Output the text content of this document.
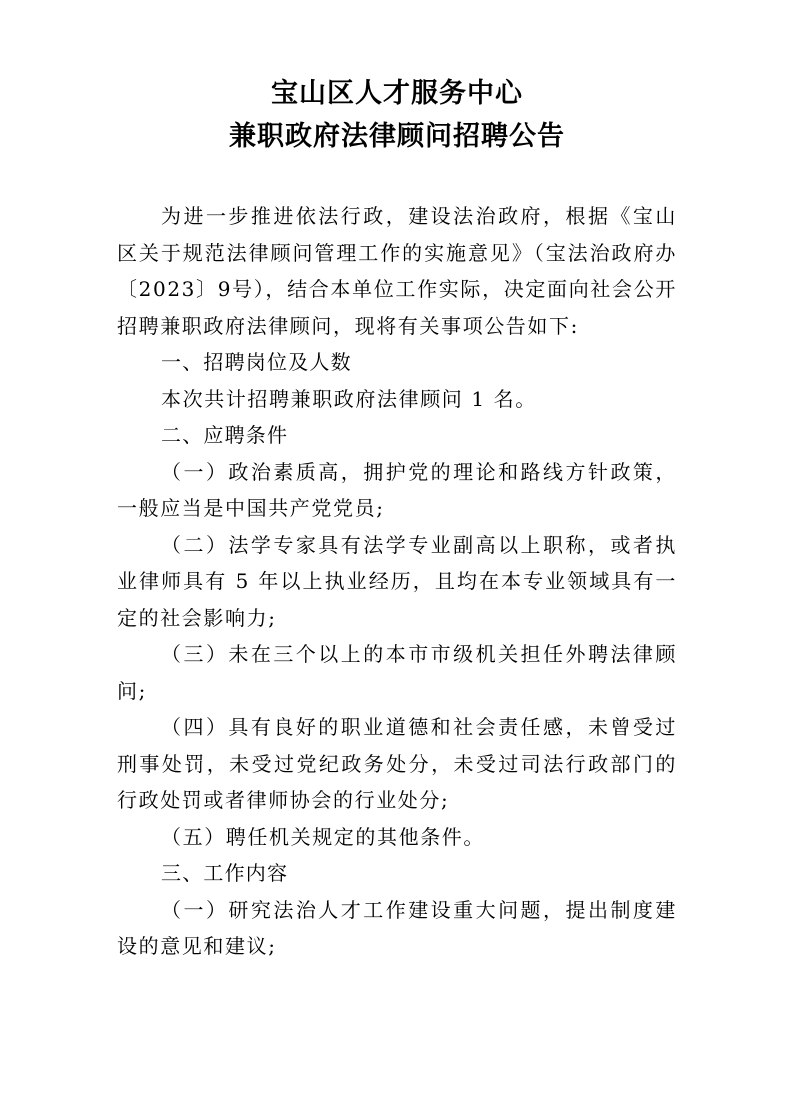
宝山区人才服务中心
兼职政府法律顾问招聘公告

为进一步推进依法行政，建设法治政府，根据《宝山区关于规范法律顾问管理工作的实施意见》（宝法治政府办〔2023〕9号），结合本单位工作实际，决定面向社会公开招聘兼职政府法律顾问，现将有关事项公告如下:

一、招聘岗位及人数

本次共计招聘兼职政府法律顾问 1 名。

二、应聘条件

（一）政治素质高，拥护党的理论和路线方针政策，一般应当是中国共产党党员;

（二）法学专家具有法学专业副高以上职称，或者执业律师具有 5 年以上执业经历，且均在本专业领域具有一定的社会影响力;

（三）未在三个以上的本市市级机关担任外聘法律顾问;

（四）具有良好的职业道德和社会责任感，未曾受过刑事处罚，未受过党纪政务处分，未受过司法行政部门的行政处罚或者律师协会的行业处分;

（五）聘任机关规定的其他条件。

三、工作内容

（一）研究法治人才工作建设重大问题，提出制度建设的意见和建议;
